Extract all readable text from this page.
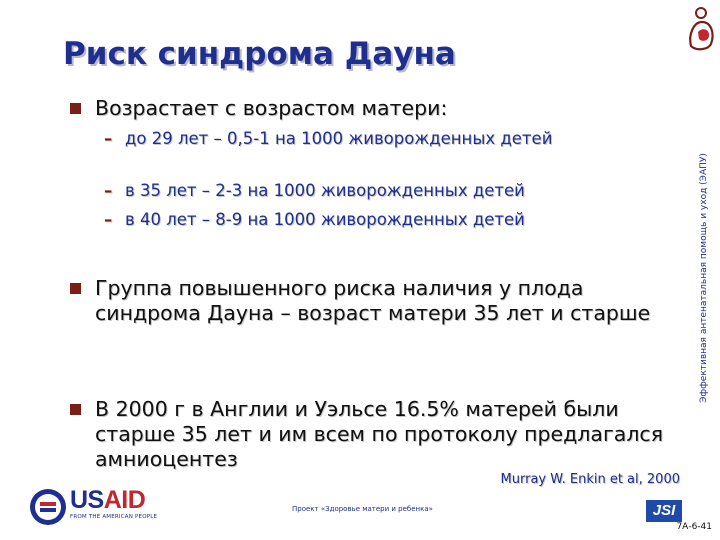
Риск синдрома Дауна
Возрастает с возрастом матери:
– до 29 лет – 0,5-1 на 1000 живорожденных детей
– в 35 лет – 2-3 на 1000 живорожденных детей
– в 40 лет – 8-9 на 1000 живорожденных детей
Группа повышенного риска наличия у плода синдрома Дауна – возраст матери 35 лет и старше
В 2000 г в Англии и Уэльсе 16.5% матерей были старше 35 лет и им всем по протоколу предлагался амниоцентез
Murray W. Enkin et al, 2000
Эффективная антенатальная помощь и уход (ЭАПУ)
USAID
FROM THE AMERICAN PEOPLE
Проект «Здоровье матери и ребенка»	JSI
7А-6-41
